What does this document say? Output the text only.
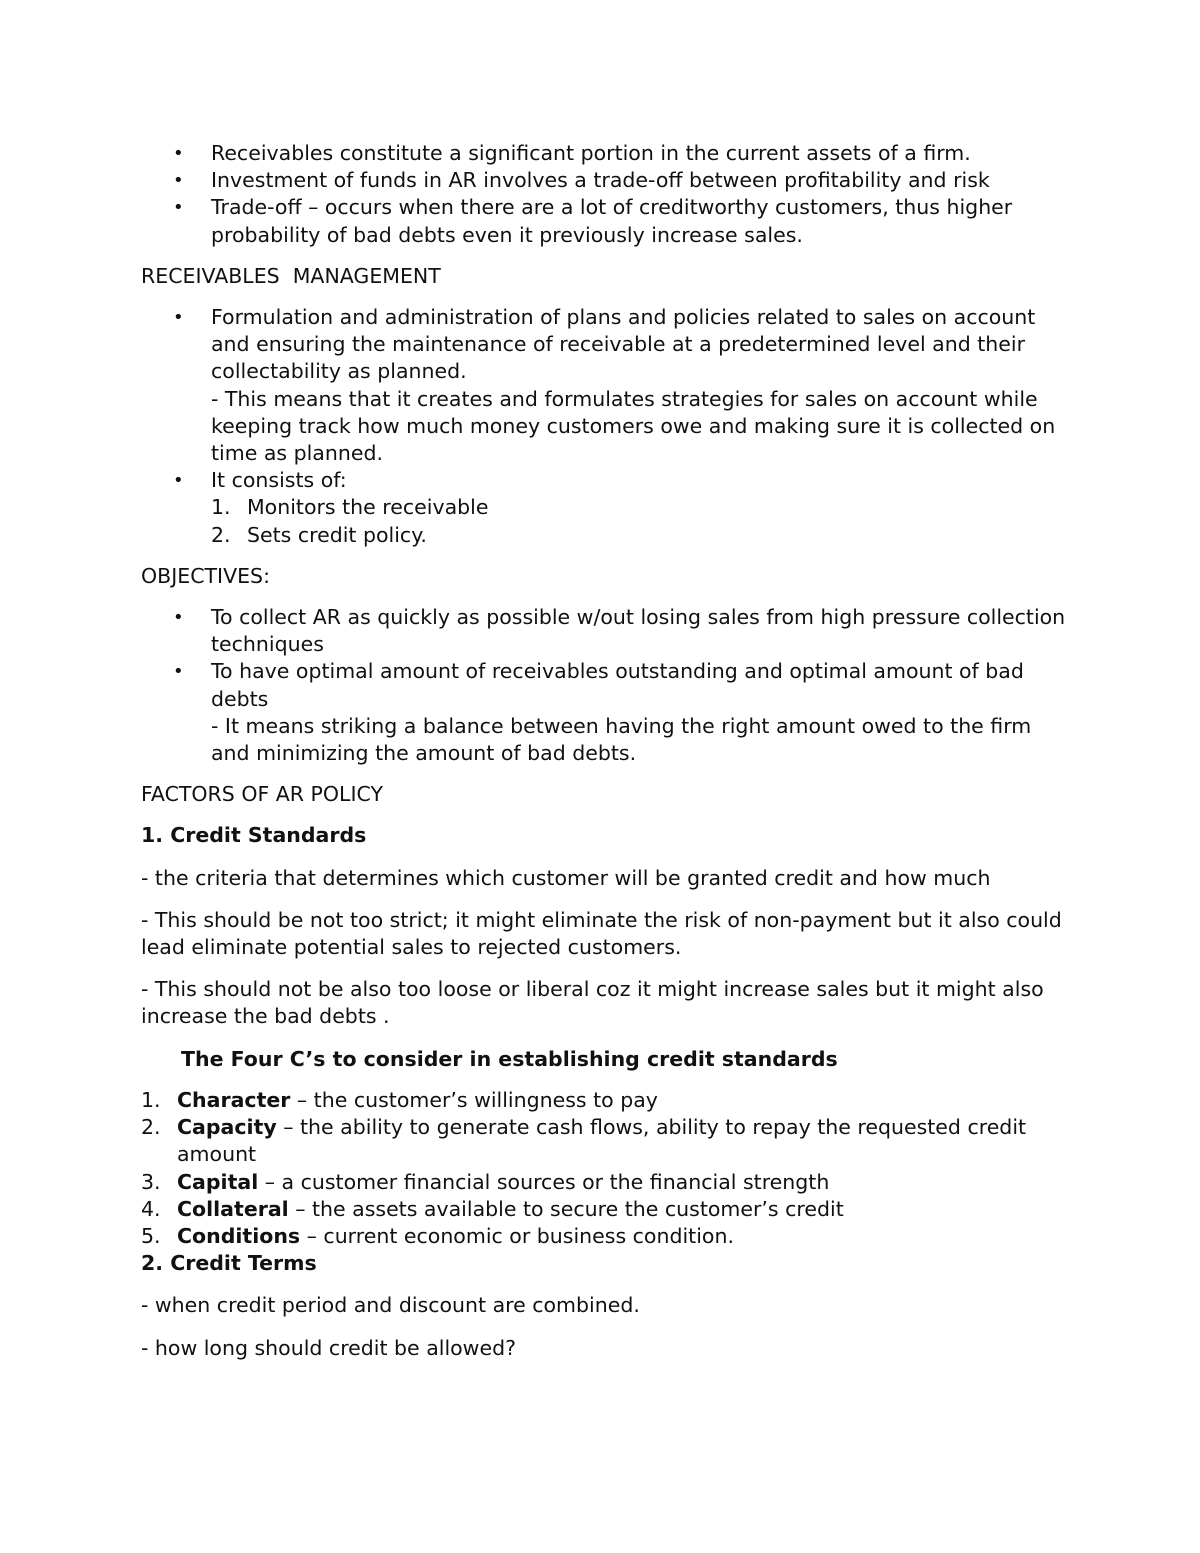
• Receivables constitute a significant portion in the current assets of a firm.
• Investment of funds in AR involves a trade-off between profitability and risk
• Trade-off – occurs when there are a lot of creditworthy customers, thus higher probability of bad debts even it previously increase sales.

RECEIVABLES  MANAGEMENT

• Formulation and administration of plans and policies related to sales on account and ensuring the maintenance of receivable at a predetermined level and their collectability as planned.

- This means that it creates and formulates strategies for sales on account while keeping track how much money customers owe and making sure it is collected on time as planned.

• It consists of:

1. Monitors the receivable
2. Sets credit policy.

OBJECTIVES:

• To collect AR as quickly as possible w/out losing sales from high pressure collection techniques

• To have optimal amount of receivables outstanding and optimal amount of bad debts

- It means striking a balance between having the right amount owed to the firm and minimizing the amount of bad debts.

FACTORS OF AR POLICY

1. Credit Standards

- the criteria that determines which customer will be granted credit and how much

- This should be not too strict; it might eliminate the risk of non-payment but it also could lead eliminate potential sales to rejected customers.

- This should not be also too loose or liberal coz it might increase sales but it might also increase the bad debts .

The Four C’s to consider in establishing credit standards

1. Character – the customer’s willingness to pay
2. Capacity – the ability to generate cash flows, ability to repay the requested credit amount
3. Capital – a customer financial sources or the financial strength
4. Collateral – the assets available to secure the customer’s credit
5. Conditions – current economic or business condition.

2. Credit Terms

- when credit period and discount are combined.

- how long should credit be allowed?
